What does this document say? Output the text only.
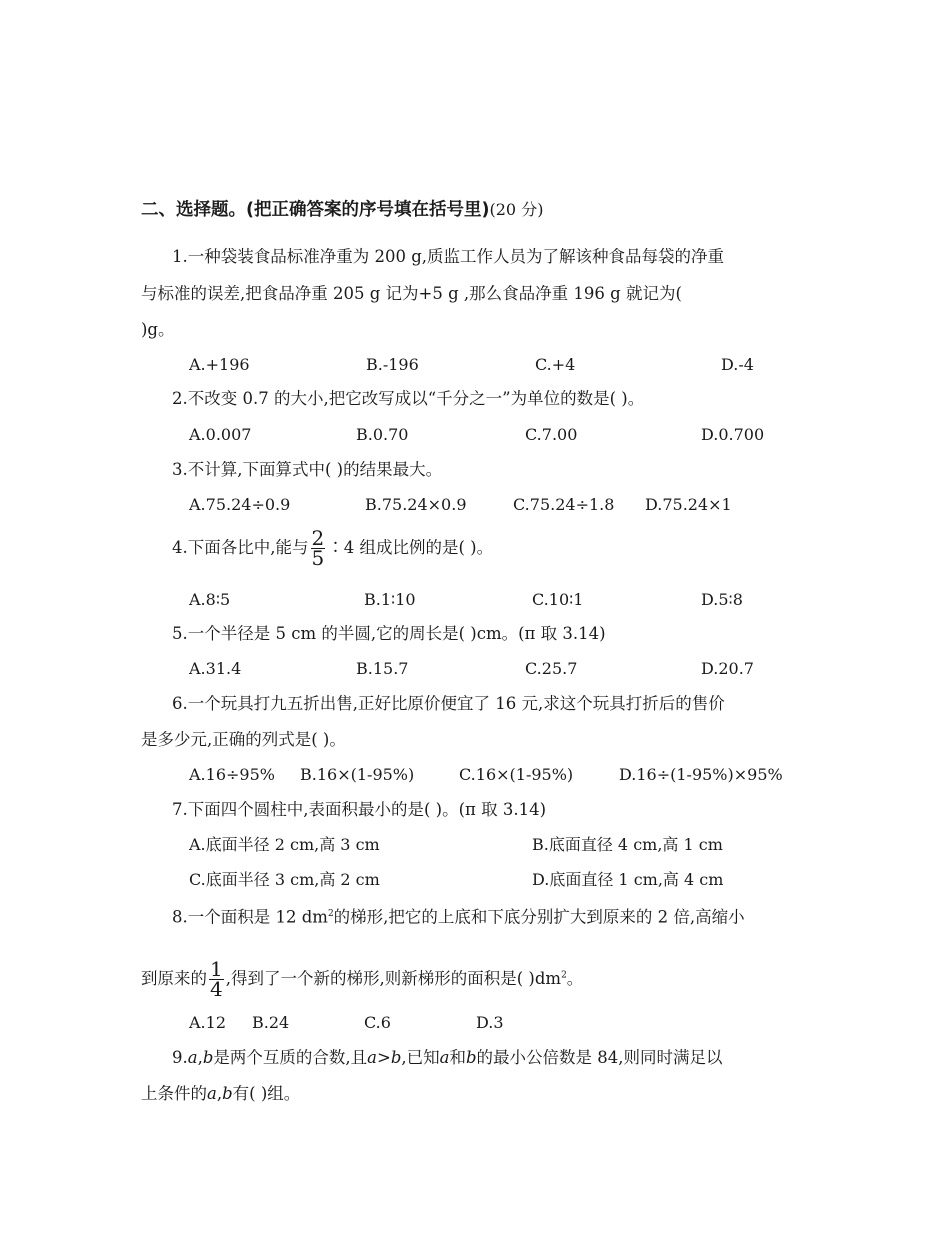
二、选择题。(把正确答案的序号填在括号里)(20 分)
1.一种袋装食品标准净重为 200 g,质监工作人员为了解该种食品每袋的净重
与标准的误差,把食品净重 205 g 记为+5 g ,那么食品净重 196 g 就记为(
)g。
A.+196	B.-196	C.+4	D.-4
2.不改变 0.7 的大小,把它改写成以“千分之一”为单位的数是( )。
A.0.007	B.0.70	C.7.00	D.0.700
3.不计算,下面算式中( )的结果最大。
A.75.24÷0.9	B.75.24×0.9	C.75.24÷1.8 D.75.24×1
4.下面各比中,能与 $\frac{2}{5}$ ∶4 组成比例的是( )。
A.8∶5	B.1∶10	C.10∶1	D.5∶8
5.一个半径是 5 cm 的半圆,它的周长是( )cm。(π 取 3.14)
A.31.4	B.15.7	C.25.7	D.20.7
6.一个玩具打九五折出售,正好比原价便宜了 16 元,求这个玩具打折后的售价
是多少元,正确的列式是( )。
A.16÷95% B.16×(1-95%)	C.16×(1-95%)	D.16÷(1-95%)×95%
7.下面四个圆柱中,表面积最小的是( )。(π 取 3.14)
A.底面半径 2 cm,高 3 cm	B.底面直径 4 cm,高 1 cm
C.底面半径 3 cm,高 2 cm	D.底面直径 1 cm,高 4 cm
8.一个面积是 12 $dm^2$的梯形,把它的上底和下底分别扩大到原来的 2 倍,高缩小
到原来的 $\frac{1}{4}$ ,得到了一个新的梯形,则新梯形的面积是( )$dm^2$。
A.12 B.24	C.6	D.3
9.a,b是两个互质的合数,且a>b,已知a和b的最小公倍数是 84,则同时满足以
上条件的a,b有( )组。
